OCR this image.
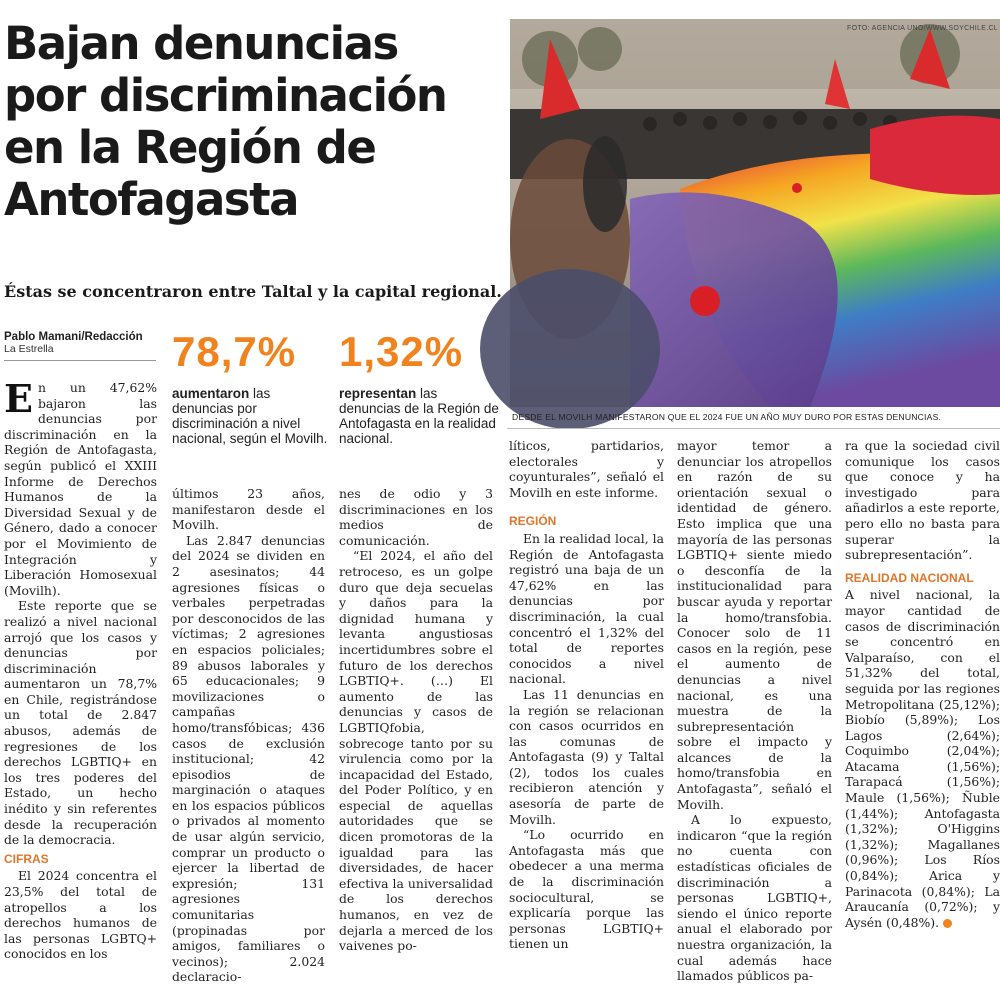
Bajan denuncias
por discriminación
en la Región de
Antofagasta
Éstas se concentraron entre Taltal y la capital regional.
Pablo Mamani/Redacción
La Estrella	78,7%
aumentaron las denuncias por discriminación a nivel nacional, según el Movilh.
1,32%
representan las denuncias de la Región de Antofagasta en la realidad nacional.

En un 47,62% bajaron las denuncias por discriminación en la Región de Antofagasta, según publicó el XXIII Informe de Derechos Humanos de la Diversidad Sexual y de Género, dado a conocer por el Movimiento de Integración y Liberación Homosexual (Movilh).

Este reporte que se realizó a nivel nacional arrojó que los casos y denuncias por discriminación aumentaron un 78,7% en Chile, registrándose un total de 2.847 abusos, además de regresiones de los derechos LGBTIQ+ en los tres poderes del Estado, un hecho inédito y sin referentes desde la recuperación de la democracia.

CIFRAS

El 2024 concentra el 23,5% del total de atropellos a los derechos humanos de las personas LGBTQ+ conocidos en los

últimos 23 años, manifestaron desde el Movilh.

Las 2.847 denuncias del 2024 se dividen en 2 asesinatos; 44 agresiones físicas o verbales perpetradas por desconocidos de las víctimas; 2 agresiones en espacios policiales; 89 abusos laborales y 65 educacionales; 9 movilizaciones o campañas homo/transfóbicas; 436 casos de exclusión institucional; 42 episodios de marginación o ataques en los espacios públicos o privados al momento de usar algún servicio, comprar un producto o ejercer la libertad de expresión; 131 agresiones comunitarias (propinadas por amigos, familiares o vecinos); 2.024 declaracio-

nes de odio y 3 discriminaciones en los medios de comunicación.

“El 2024, el año del retroceso, es un golpe duro que deja secuelas y daños para la dignidad humana y levanta angustiosas incertidumbres sobre el futuro de los derechos LGBTIQ+. (…) El aumento de las denuncias y casos de LGBTIQfobia, sobrecoge tanto por su virulencia como por la incapacidad del Estado, del Poder Político, y en especial de aquellas autoridades que se dicen promotoras de la igualdad para las diversidades, de hacer efectiva la universalidad de los derechos humanos, en vez de dejarla a merced de los vaivenes po-

FOTO: AGENCIA UNO/WWW.SOYCHILE.CL
DESDE EL MOVILH MANIFESTARON QUE EL 2024 FUE UN AÑO MUY DURO POR ESTAS DENUNCIAS.

líticos, partidarios, electorales y coyunturales”, señaló el Movilh en este informe.

REGIÓN

En la realidad local, la Región de Antofagasta registró una baja de un 47,62% en las denuncias por discriminación, la cual concentró el 1,32% del total de reportes conocidos a nivel nacional.

Las 11 denuncias en la región se relacionan con casos ocurridos en las comunas de Antofagasta (9) y Taltal (2), todos los cuales recibieron atención y asesoría de parte de Movilh.

“Lo ocurrido en Antofagasta más que obedecer a una merma de la discriminación sociocultural, se explicaría porque las personas LGBTIQ+ tienen un

mayor temor a denunciar los atropellos en razón de su orientación sexual o identidad de género. Esto implica que una mayoría de las personas LGBTIQ+ siente miedo o desconfía de la institucionalidad para buscar ayuda y reportar la homo/transfobia. Conocer solo de 11 casos en la región, pese el aumento de denuncias a nivel nacional, es una muestra de la subrepresentación sobre el impacto y alcances de la homo/transfobia en Antofagasta”, señaló el Movilh.

A lo expuesto, indicaron “que la región no cuenta con estadísticas oficiales de discriminación a personas LGBTIQ+, siendo el único reporte anual el elaborado por nuestra organización, la cual además hace llamados públicos pa-

ra que la sociedad civil comunique los casos que conoce y ha investigado para añadirlos a este reporte, pero ello no basta para superar la subrepresentación”.

REALIDAD NACIONAL

A nivel nacional, la mayor cantidad de casos de discriminación se concentró en Valparaíso, con el 51,32% del total, seguida por las regiones Metropolitana (25,12%); Biobío (5,89%); Los Lagos (2,64%); Coquimbo (2,04%); Atacama (1,56%); Tarapacá (1,56%); Maule (1,56%); Ñuble (1,44%); Antofagasta (1,32%); O'Higgins (1,32%); Magallanes (0,96%); Los Ríos (0,84%); Arica y Parinacota (0,84%); La Araucanía (0,72%); y Aysén (0,48%).
